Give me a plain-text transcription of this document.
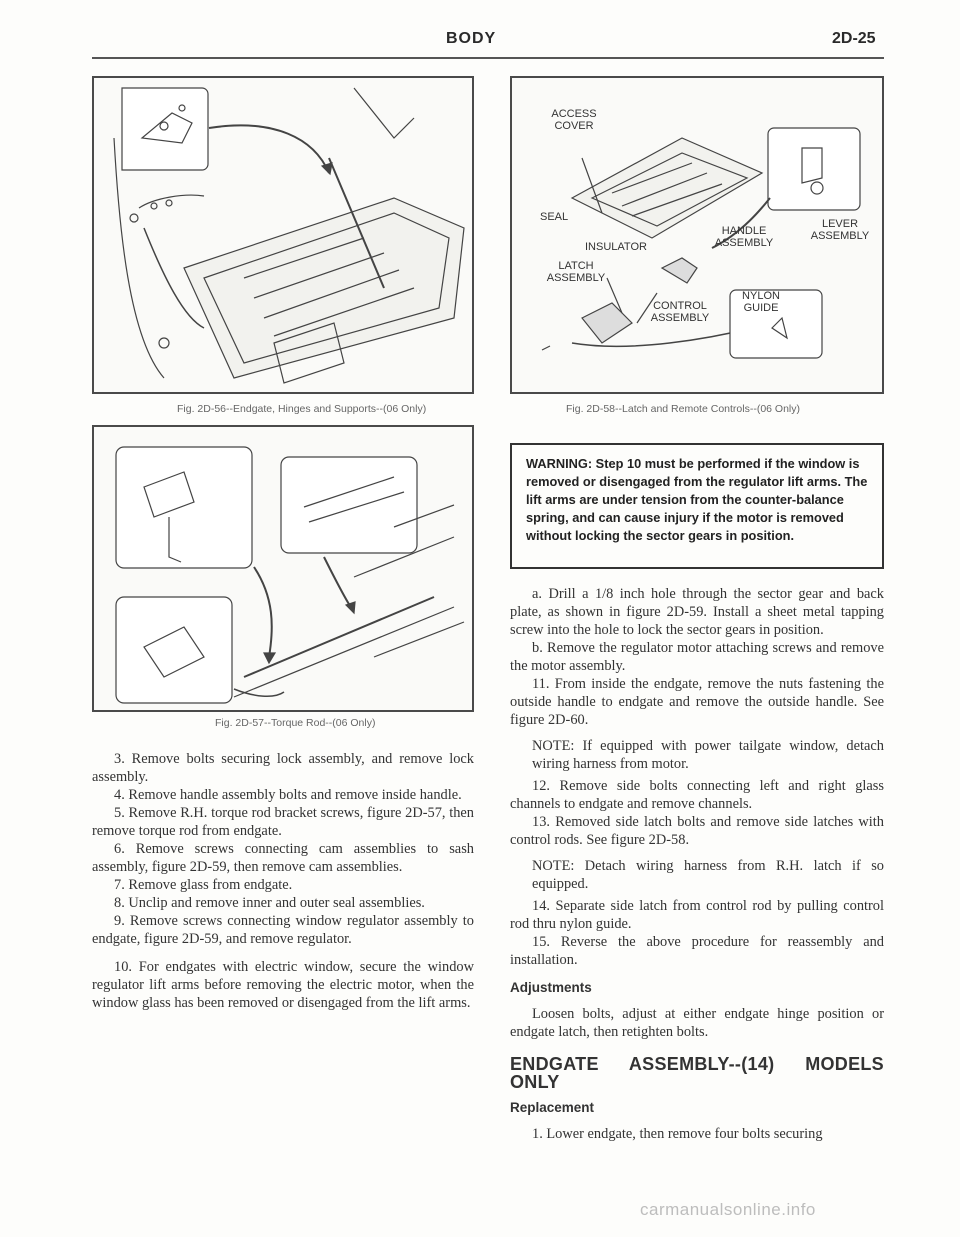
BODY	2D-25
Fig. 2D-56--Endgate, Hinges and Supports--(06 Only)
Fig. 2D-57--Torque Rod--(06 Only)
ACCESS COVER
SEAL
INSULATOR
HANDLE ASSEMBLY
LEVER ASSEMBLY
LATCH ASSEMBLY
CONTROL ASSEMBLY
NYLON GUIDE
Fig. 2D-58--Latch and Remote Controls--(06 Only)
WARNING: Step 10 must be performed if the window is removed or disengaged from the regulator lift arms. The lift arms are under tension from the counter-balance spring, and can cause injury if the motor is removed without locking the sector gears in position.

3. Remove bolts securing lock assembly, and remove lock assembly.

4. Remove handle assembly bolts and remove inside handle.

5. Remove R.H. torque rod bracket screws, figure 2D-57, then remove torque rod from endgate.

6. Remove screws connecting cam assemblies to sash assembly, figure 2D-59, then remove cam assemblies.

7. Remove glass from endgate.

8. Unclip and remove inner and outer seal assemblies.

9. Remove screws connecting window regulator assembly to endgate, figure 2D-59, and remove regulator.

10. For endgates with electric window, secure the window regulator lift arms before removing the electric motor, when the window glass has been removed or disengaged from the lift arms.

a. Drill a 1/8 inch hole through the sector gear and back plate, as shown in figure 2D-59. Install a sheet metal tapping screw into the hole to lock the sector gears in position.

b. Remove the regulator motor attaching screws and remove the motor assembly.

11. From inside the endgate, remove the nuts fastening the outside handle to endgate and remove the outside handle. See figure 2D-60.

NOTE: If equipped with power tailgate window, detach wiring harness from motor.

12. Remove side bolts connecting left and right glass channels to endgate and remove channels.

13. Removed side latch bolts and remove side latches with control rods. See figure 2D-58.

NOTE: Detach wiring harness from R.H. latch if so equipped.

14. Separate side latch from control rod by pulling control rod thru nylon guide.

15. Reverse the above procedure for reassembly and installation.

Adjustments

Loosen bolts, adjust at either endgate hinge position or endgate latch, then retighten bolts.

ENDGATE ASSEMBLY--(14) MODELS ONLY

Replacement

1. Lower endgate, then remove four bolts securing

carmanualsonline.info
